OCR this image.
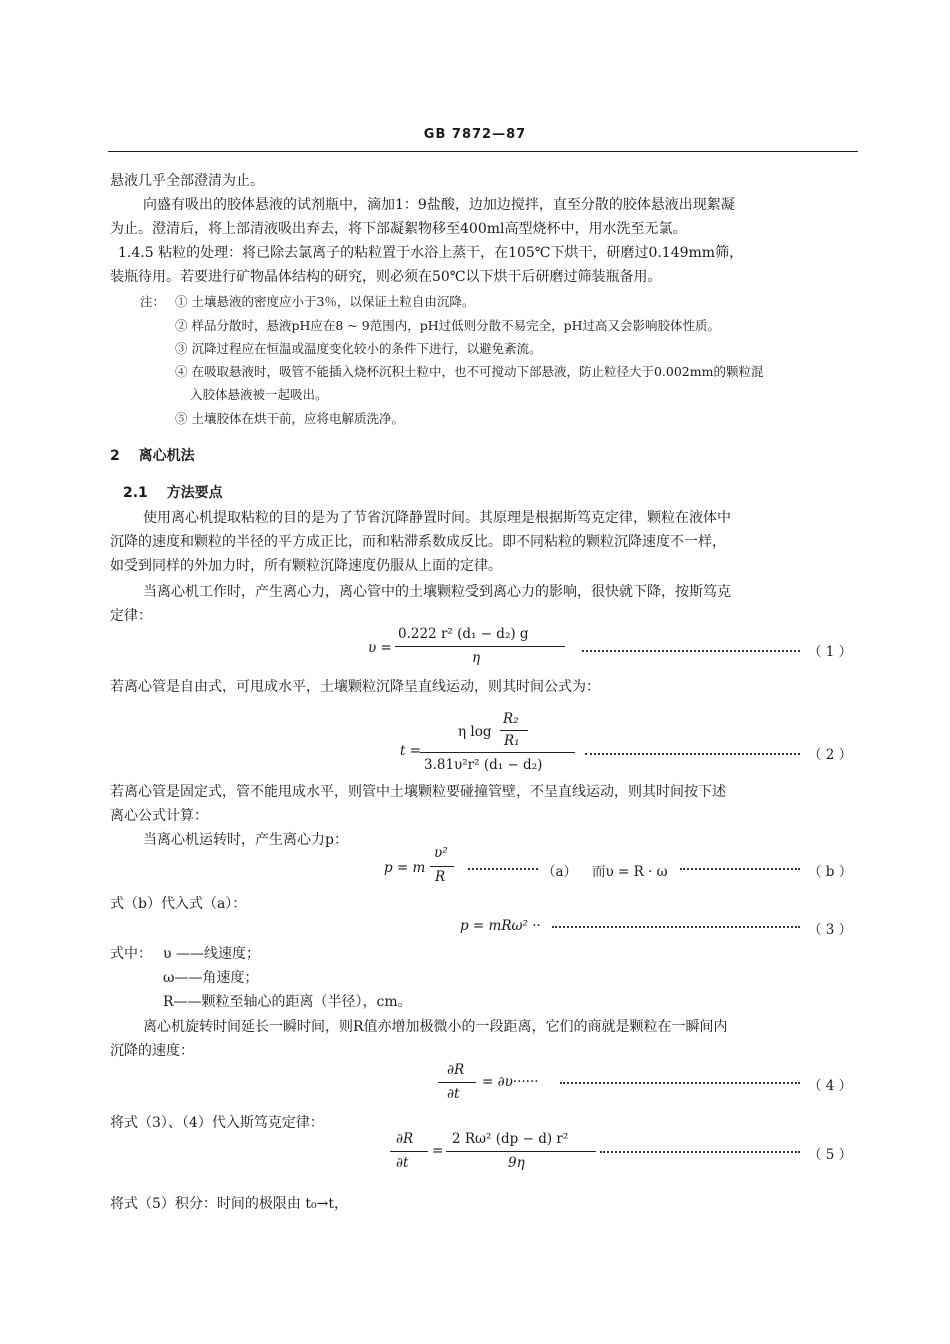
GB 7872—87
悬液几乎全部澄清为止。
向盛有吸出的胶体悬液的试剂瓶中，滴加1：9盐酸，边加边搅拌，直至分散的胶体悬液出现絮凝
为止。澄清后，将上部清液吸出弃去，将下部凝絮物移至400ml高型烧杯中，用水洗至无氯。
1.4.5 粘粒的处理：将已除去氯离子的粘粒置于水浴上蒸干，在105℃下烘干，研磨过0.149mm筛，
装瓶待用。若要进行矿物晶体结构的研究，则必须在50℃以下烘干后研磨过筛装瓶备用。
注： ① 土壤悬液的密度应小于3％，以保证土粒自由沉降。
② 样品分散时，悬液pH应在8 ~ 9范围内，pH过低则分散不易完全，pH过高又会影响胶体性质。
③ 沉降过程应在恒温或温度变化较小的条件下进行，以避免紊流。
④ 在吸取悬液时，吸管不能插入烧杯沉积土粒中，也不可搅动下部悬液，防止粒径大于0.002mm的颗粒混
入胶体悬液被一起吸出。
⑤ 土壤胶体在烘干前，应将电解质洗净。
2 离心机法
2.1 方法要点
使用离心机提取粘粒的目的是为了节省沉降静置时间。其原理是根据斯笃克定律，颗粒在液体中
沉降的速度和颗粒的半径的平方成正比，而和粘滞系数成反比。即不同粘粒的颗粒沉降速度不一样，
如受到同样的外加力时，所有颗粒沉降速度仍服从上面的定律。
当离心机工作时，产生离心力，离心管中的土壤颗粒受到离心力的影响，很快就下降，按斯笃克
定律：
υ =
0.222 r² (d₁ − d₂) g
η	（ 1 ）
若离心管是自由式，可甩成水平，土壤颗粒沉降呈直线运动，则其时间公式为：
η log
R₂
R₁
t =
3.81υ²r² (d₁ − d₂)
（ 2 ）
若离心管是固定式，管不能甩成水平，则管中土壤颗粒要碰撞管壁，不呈直线运动，则其时间按下述
离心公式计算：
当离心机运转时，产生离心力p：
p = m
υ²
R	（a） 而υ = R · ω	（ b ）
式（b）代入式（a）：
p = mRω² ··	（ 3 ）
式中： υ ——线速度；
ω——角速度；
R——颗粒至轴心的距离（半径），cm。
离心机旋转时间延长一瞬时间，则R值亦增加极微小的一段距离，它们的商就是颗粒在一瞬间内
沉降的速度：
∂R
∂t
= ∂υ······	（ 4 ）
将式（3）、（4）代入斯笃克定律：
∂R
∂t
=
2 Rω² (dp − d) r²
9η	（ 5 ）
将式（5）积分：时间的极限由 t₀→t，
